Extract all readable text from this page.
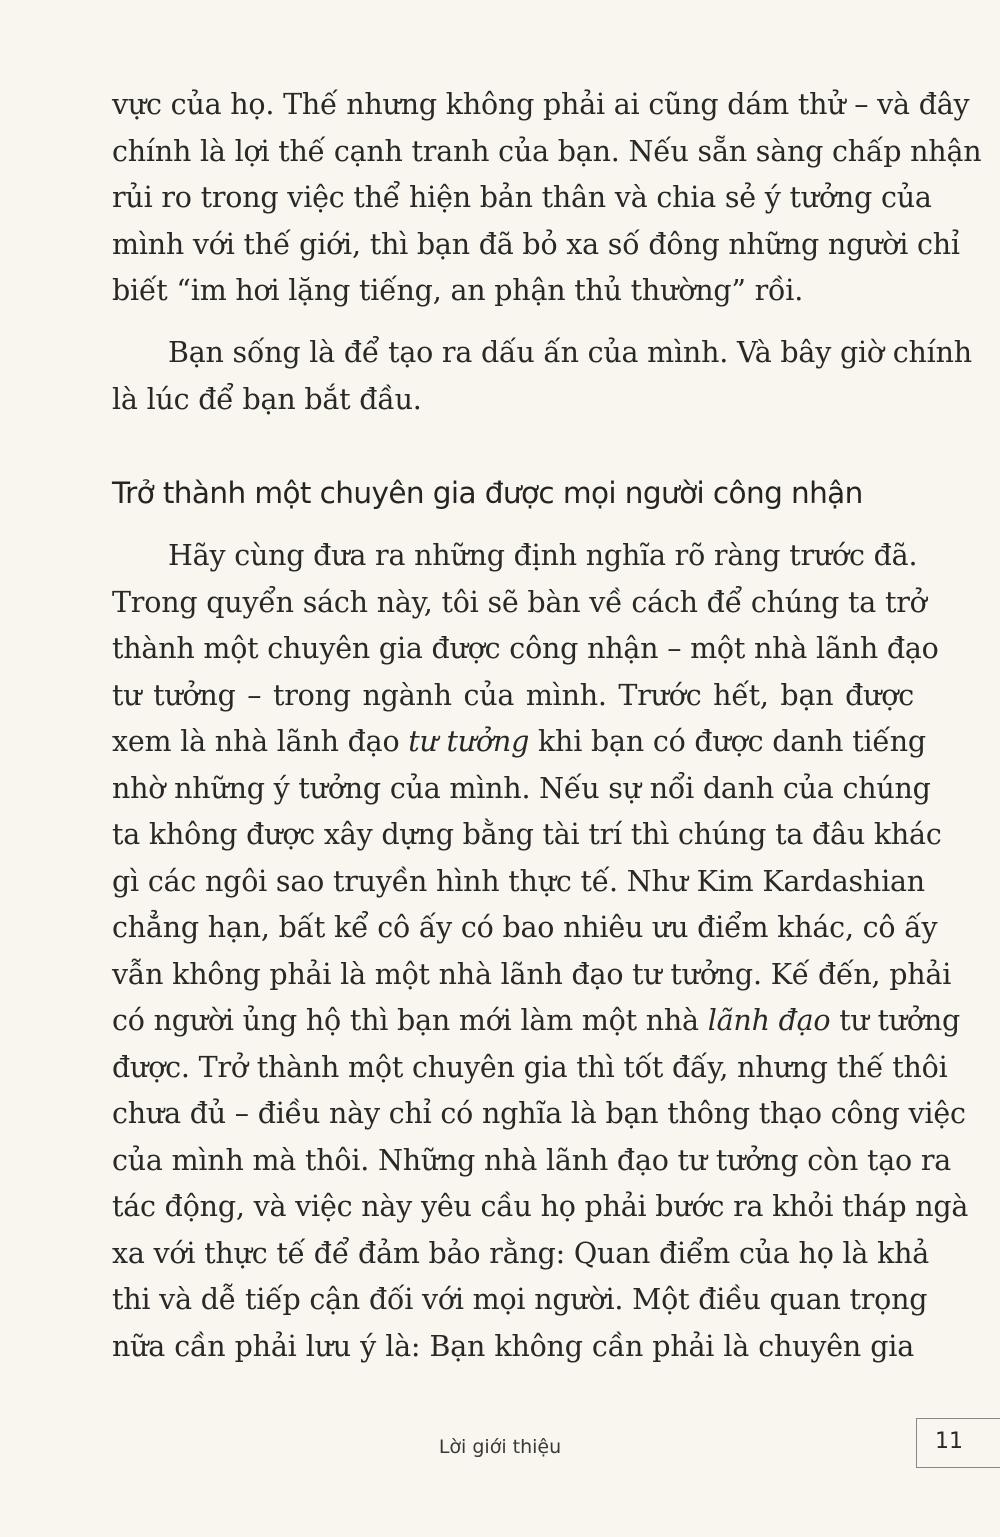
vực của họ. Thế nhưng không phải ai cũng dám thử – và đây
chính là lợi thế cạnh tranh của bạn. Nếu sẵn sàng chấp nhận
rủi ro trong việc thể hiện bản thân và chia sẻ ý tưởng của
mình với thế giới, thì bạn đã bỏ xa số đông những người chỉ
biết “im hơi lặng tiếng, an phận thủ thường” rồi.
Bạn sống là để tạo ra dấu ấn của mình. Và bây giờ chính
là lúc để bạn bắt đầu.
Trở thành một chuyên gia được mọi người công nhận
Hãy cùng đưa ra những định nghĩa rõ ràng trước đã.
Trong quyển sách này, tôi sẽ bàn về cách để chúng ta trở
thành một chuyên gia được công nhận – một nhà lãnh đạo
tư tưởng – trong ngành của mình. Trước hết, bạn được
xem là nhà lãnh đạo tư tưởng khi bạn có được danh tiếng
nhờ những ý tưởng của mình. Nếu sự nổi danh của chúng
ta không được xây dựng bằng tài trí thì chúng ta đâu khác
gì các ngôi sao truyền hình thực tế. Như Kim Kardashian
chẳng hạn, bất kể cô ấy có bao nhiêu ưu điểm khác, cô ấy
vẫn không phải là một nhà lãnh đạo tư tưởng. Kế đến, phải
có người ủng hộ thì bạn mới làm một nhà lãnh đạo tư tưởng
được. Trở thành một chuyên gia thì tốt đấy, nhưng thế thôi
chưa đủ – điều này chỉ có nghĩa là bạn thông thạo công việc
của mình mà thôi. Những nhà lãnh đạo tư tưởng còn tạo ra
tác động, và việc này yêu cầu họ phải bước ra khỏi tháp ngà
xa với thực tế để đảm bảo rằng: Quan điểm của họ là khả
thi và dễ tiếp cận đối với mọi người. Một điều quan trọng
nữa cần phải lưu ý là: Bạn không cần phải là chuyên gia
Lời giới thiệu	11
